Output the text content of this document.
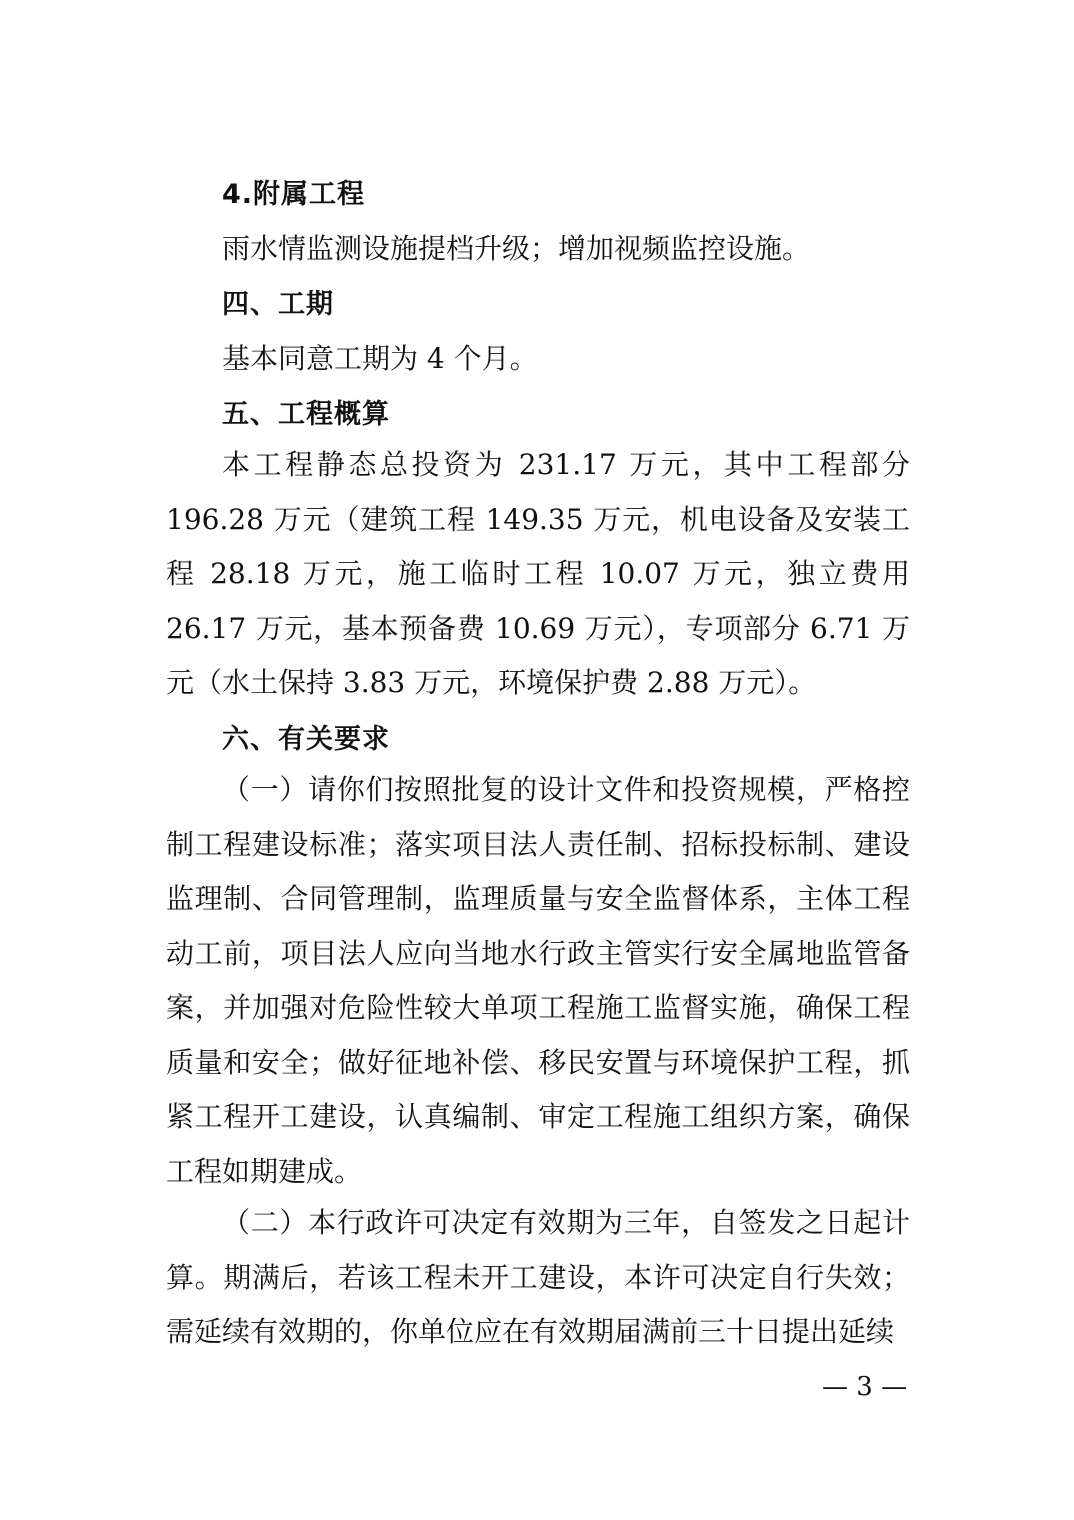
4.附属工程
雨水情监测设施提档升级；增加视频监控设施。
四、工期
基本同意工期为 4 个月。
五、工程概算

本工程静态总投资为 231.17 万元，其中工程部分 196.28 万元（建筑工程 149.35 万元，机电设备及安装工程 28.18 万元，施工临时工程 10.07 万元，独立费用 26.17 万元，基本预备费 10.69 万元），专项部分 6.71 万元（水土保持 3.83 万元，环境保护费 2.88 万元）。

六、有关要求

（一）请你们按照批复的设计文件和投资规模，严格控制工程建设标准；落实项目法人责任制、招标投标制、建设监理制、合同管理制，监理质量与安全监督体系，主体工程动工前，项目法人应向当地水行政主管实行安全属地监管备案，并加强对危险性较大单项工程施工监督实施，确保工程质量和安全；做好征地补偿、移民安置与环境保护工程，抓紧工程开工建设，认真编制、审定工程施工组织方案，确保工程如期建成。

（二）本行政许可决定有效期为三年，自签发之日起计算。期满后，若该工程未开工建设，本许可决定自行失效；需延续有效期的，你单位应在有效期届满前三十日提出延续

— 3 —
